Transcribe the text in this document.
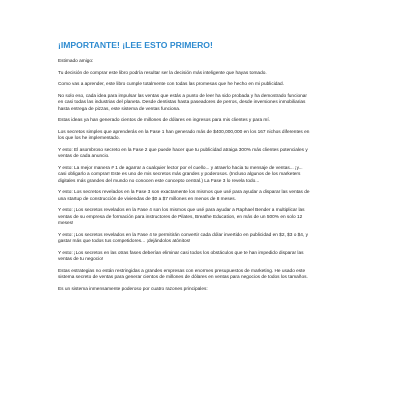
¡IMPORTANTE! ¡LEE ESTO PRIMERO!

Estimado amigo:

Tu decisión de comprar este libro podría resultar ser la decisión más inteligente que hayas tomado.

Como vas a aprender, este libro cumple totalmente con todas las promesas que he hecho en mi publicidad.

No solo eso, cada idea para impulsar las ventas que estás a punto de leer ha sido probada y ha demostrado funcionar en casi todas las industrias del planeta. Desde dentistas hasta paseadores de perros, desde inversiones inmobiliarias hasta entrega de pizzas, este sistema de ventas funciona.

Estas ideas ya han generado cientos de millones de dólares en ingresos para mis clientes y para mí.

Los secretos simples que aprenderás en la Fase 1 han generado más de $400,000,000 en los 167 nichos diferentes en los que los he implementado.

Y esto: El asombroso secreto en la Fase 2 que puede hacer que tu publicidad atraiga 300% más clientes potenciales y ventas de cada anuncio.

Y esto: La mejor manera # 1 de agarrar a cualquier lector por el cuello... y atraerlo hacia tu mensaje de ventas... ¡y... casi obligarlo a comprar! Este es uno de mis secretos más grandes y poderosos. (Incluso algunos de los marketers digitales más grandes del mundo no conocen este concepto central.) La Fase 3 lo revela todo...

Y esto: Los secretos revelados en la Fase 3 son exactamente los mismos que usé para ayudar a disparar las ventas de una startup de construcción de viviendas de $0 a $7 millones en menos de 8 meses.

Y esto: ¡Los secretos revelados en la Fase 4 son los mismos que usé para ayudar a Raphael Bender a multiplicar las ventas de su empresa de formación para instructores de Pilates, Breathe Education, en más de un 500% en solo 12 meses!

Y esto: ¡Los secretos revelados en la Fase 4 te permitirán convertir cada dólar invertido en publicidad en $2, $3 o $4, y gastar más que todos tus competidores... ¡dejándolos atónitos!

Y esto: ¡Los secretos en las otras fases deberían eliminar casi todos los obstáculos que te han impedido disparar las ventas de tu negocio!

Estas estrategias no están restringidas a grandes empresas con enormes presupuestos de marketing. He usado este sistema secreto de ventas para generar cientos de millones de dólares en ventas para negocios de todos los tamaños.

Es un sistema inmensamente poderoso por cuatro razones principales:
